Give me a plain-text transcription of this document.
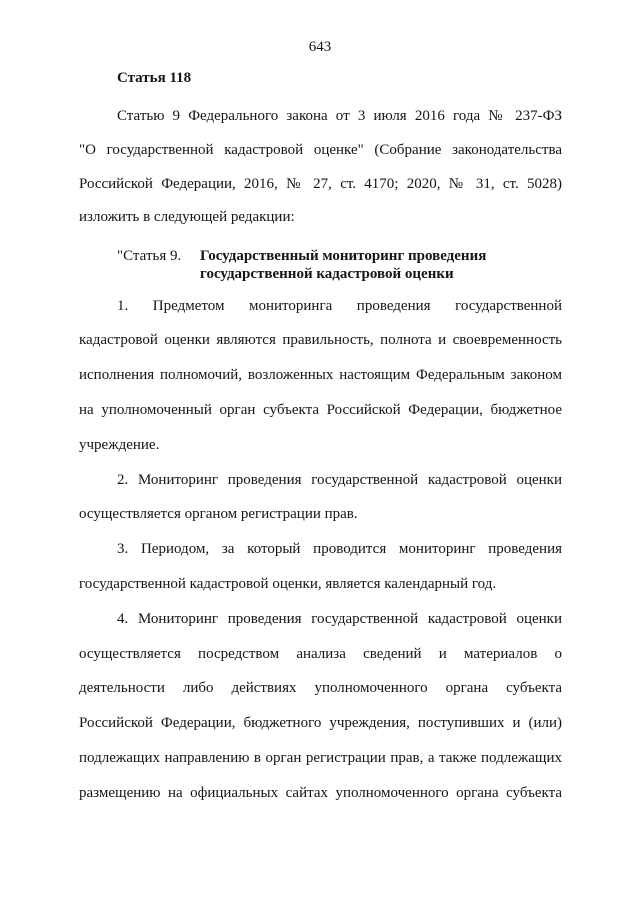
643
Статья 118
Статью 9 Федерального закона от 3 июля 2016 года № 237-ФЗ
"О государственной кадастровой оценке" (Собрание законодательства
Российской Федерации, 2016, № 27, ст. 4170; 2020, № 31, ст. 5028)
изложить в следующей редакции:
"Статья 9. Государственный мониторинг проведения
государственной кадастровой оценки
1. Предметом мониторинга проведения государственной
кадастровой оценки являются правильность, полнота и своевременность
исполнения полномочий, возложенных настоящим Федеральным законом
на уполномоченный орган субъекта Российской Федерации, бюджетное
учреждение.
2. Мониторинг проведения государственной кадастровой оценки
осуществляется органом регистрации прав.
3. Периодом, за который проводится мониторинг проведения
государственной кадастровой оценки, является календарный год.
4. Мониторинг проведения государственной кадастровой оценки
осуществляется посредством анализа сведений и материалов о
деятельности либо действиях уполномоченного органа субъекта
Российской Федерации, бюджетного учреждения, поступивших и (или)
подлежащих направлению в орган регистрации прав, а также подлежащих
размещению на официальных сайтах уполномоченного органа субъекта
